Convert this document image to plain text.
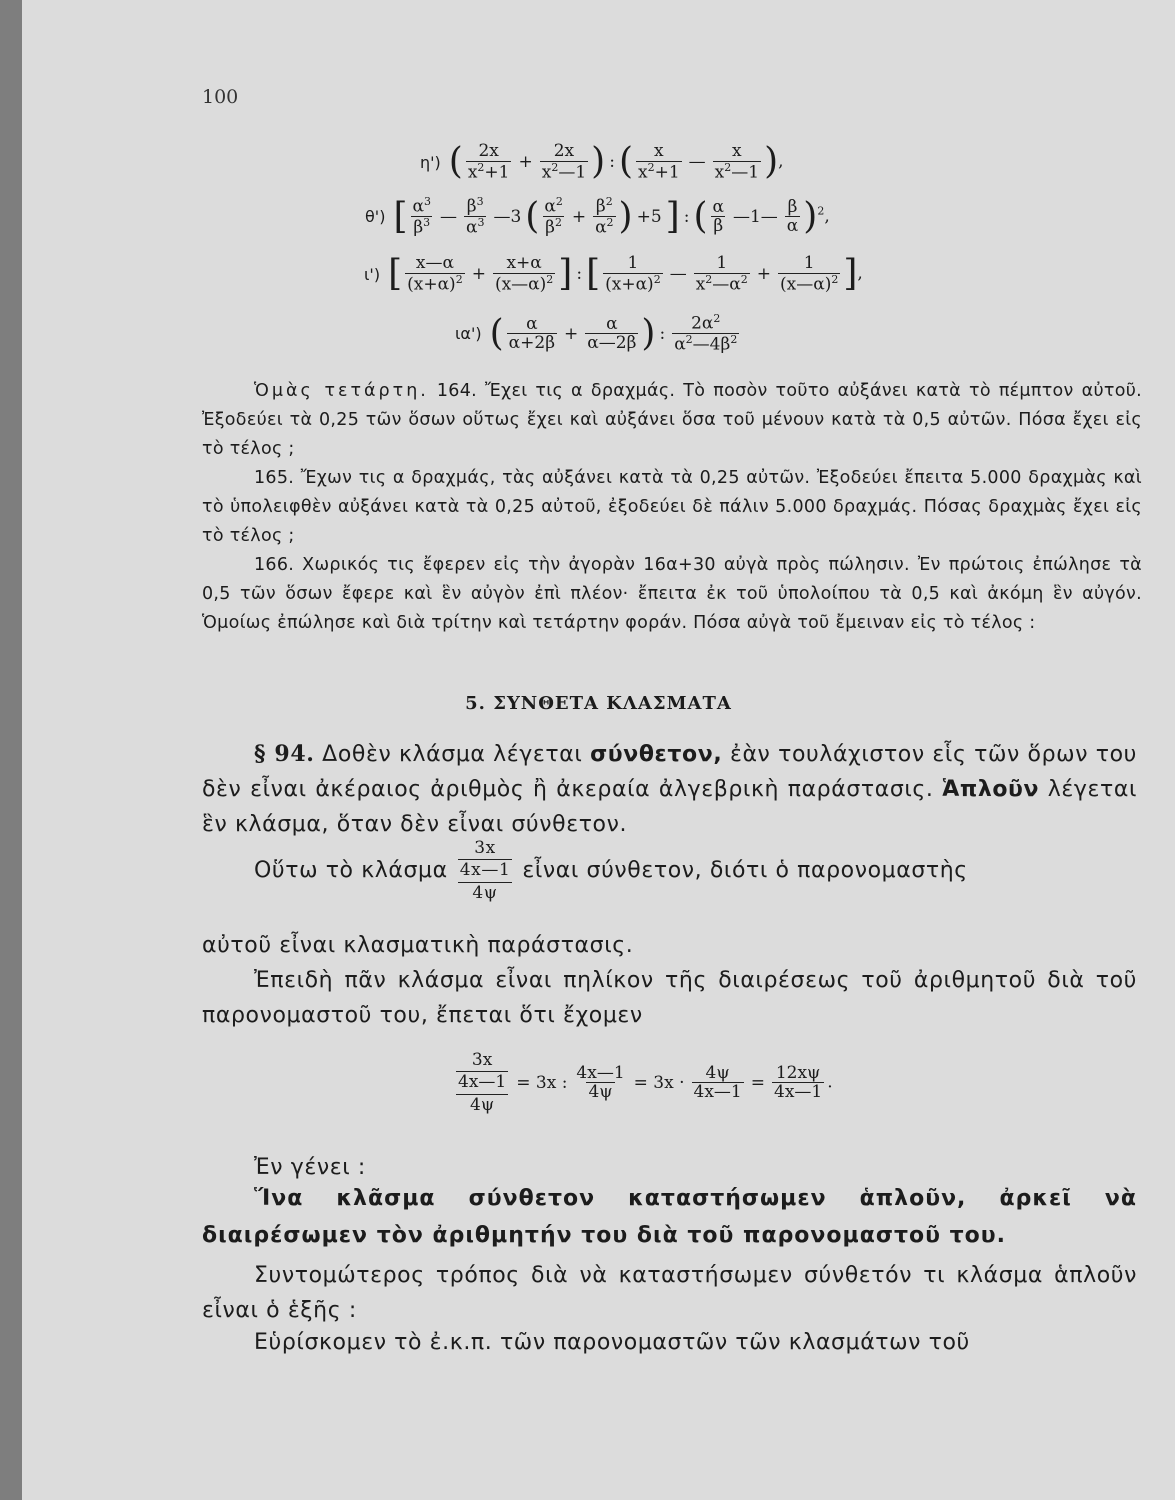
100
η') ( $\frac{2x}{x^2+1} + \frac{2x}{x^2—1}$ ) : ( $\frac{x}{x^2+1}$ — $\frac{x}{x^2—1}$ ),
θ') [ $\frac{\alpha^3}{\beta^3}$ — $\frac{\beta^3}{\alpha^3}$ —3 ( $\frac{\alpha^2}{\beta^2} + \frac{\beta^2}{\alpha^2}$ ) +5 ] : ( $\frac{\alpha}{\beta}$ —1— $\frac{\beta}{\alpha} )^2$,
ι') [ $\frac{x—\alpha}{(x+\alpha)^2} + \frac{x+\alpha}{(x—\alpha)^2}$ ] : [ $\frac{1}{(x+\alpha)^2}$ — $\frac{1}{x^2—\alpha^2} + \frac{1}{(x—\alpha)^2}$ ],
ια') ( $\frac{\alpha}{\alpha+2\beta} + \frac{\alpha}{\alpha—2\beta}$ ) : $\frac{2\alpha^2}{\alpha^2—4\beta^2}$

Ὁμὰς τετάρτη. 164. Ἔχει τις α δραχμάς. Τὸ ποσὸν τοῦτο αὐξάνει κατὰ τὸ πέμπτον αὐτοῦ. Ἐξοδεύει τὰ 0,25 τῶν ὅσων οὕτως ἔχει καὶ αὐξάνει ὅσα τοῦ μένουν κατὰ τὰ 0,5 αὐτῶν. Πόσα ἔχει εἰς τὸ τέλος ;

165. Ἔχων τις α δραχμάς, τὰς αὐξάνει κατὰ τὰ 0,25 αὐτῶν. Ἐξοδεύει ἔπειτα 5.000 δραχμὰς καὶ τὸ ὑπολειφθὲν αὐξάνει κατὰ τὰ 0,25 αὐτοῦ, ἐξοδεύει δὲ πάλιν 5.000 δραχμάς. Πόσας δραχμὰς ἔχει εἰς τὸ τέλος ;

166. Χωρικός τις ἔφερεν εἰς τὴν ἀγορὰν 16α+30 αὐγὰ πρὸς πώλησιν. Ἐν πρώτοις ἐπώλησε τὰ 0,5 τῶν ὅσων ἔφερε καὶ ἓν αὐγὸν ἐπὶ πλέον· ἔπειτα ἐκ τοῦ ὑπολοίπου τὰ 0,5 καὶ ἀκόμη ἓν αὐγόν. Ὁμοίως ἐπώλησε καὶ διὰ τρίτην καὶ τετάρτην φοράν. Πόσα αὐγὰ τοῦ ἔμειναν εἰς τὸ τέλος :

5. ΣΥΝΘΕΤΑ ΚΛΑΣΜΑΤΑ

§ 94. Δοθὲν κλάσμα λέγεται σύνθετον, ἐὰν τουλάχιστον εἷς τῶν ὅρων του δὲν εἶναι ἀκέραιος ἀριθμὸς ἢ ἀκεραία ἀλγεβρικὴ παράστασις. Ἁπλοῦν λέγεται ἓν κλάσμα, ὅταν δὲν εἶναι σύνθετον.

Οὕτω τὸ κλάσμα
3x
4x—1
4ψ
εἶναι σύνθετον, διότι ὁ παρονομαστὴς

αὐτοῦ εἶναι κλασματικὴ παράστασις.

Ἐπειδὴ πᾶν κλάσμα εἶναι πηλίκον τῆς διαιρέσεως τοῦ ἀριθμητοῦ διὰ τοῦ παρονομαστοῦ του, ἔπεται ὅτι ἔχομεν

3x
4x—1
4ψ
= 3x : $\frac{4x—1}{4\psi} = 3x \cdot \frac{4\psi}{4x—1} = \frac{12x\psi}{4x—1}$ .

Ἐν γένει :

Ἵνα κλᾶσμα σύνθετον καταστήσωμεν ἁπλοῦν, ἀρκεῖ νὰ διαιρέσωμεν τὸν ἀριθμητήν του διὰ τοῦ παρονομαστοῦ του.

Συντομώτερος τρόπος διὰ νὰ καταστήσωμεν σύνθετόν τι κλάσμα ἁπλοῦν εἶναι ὁ ἑξῆς :

Εὑρίσκομεν τὸ ἐ.κ.π. τῶν παρονομαστῶν τῶν κλασμάτων τοῦ
